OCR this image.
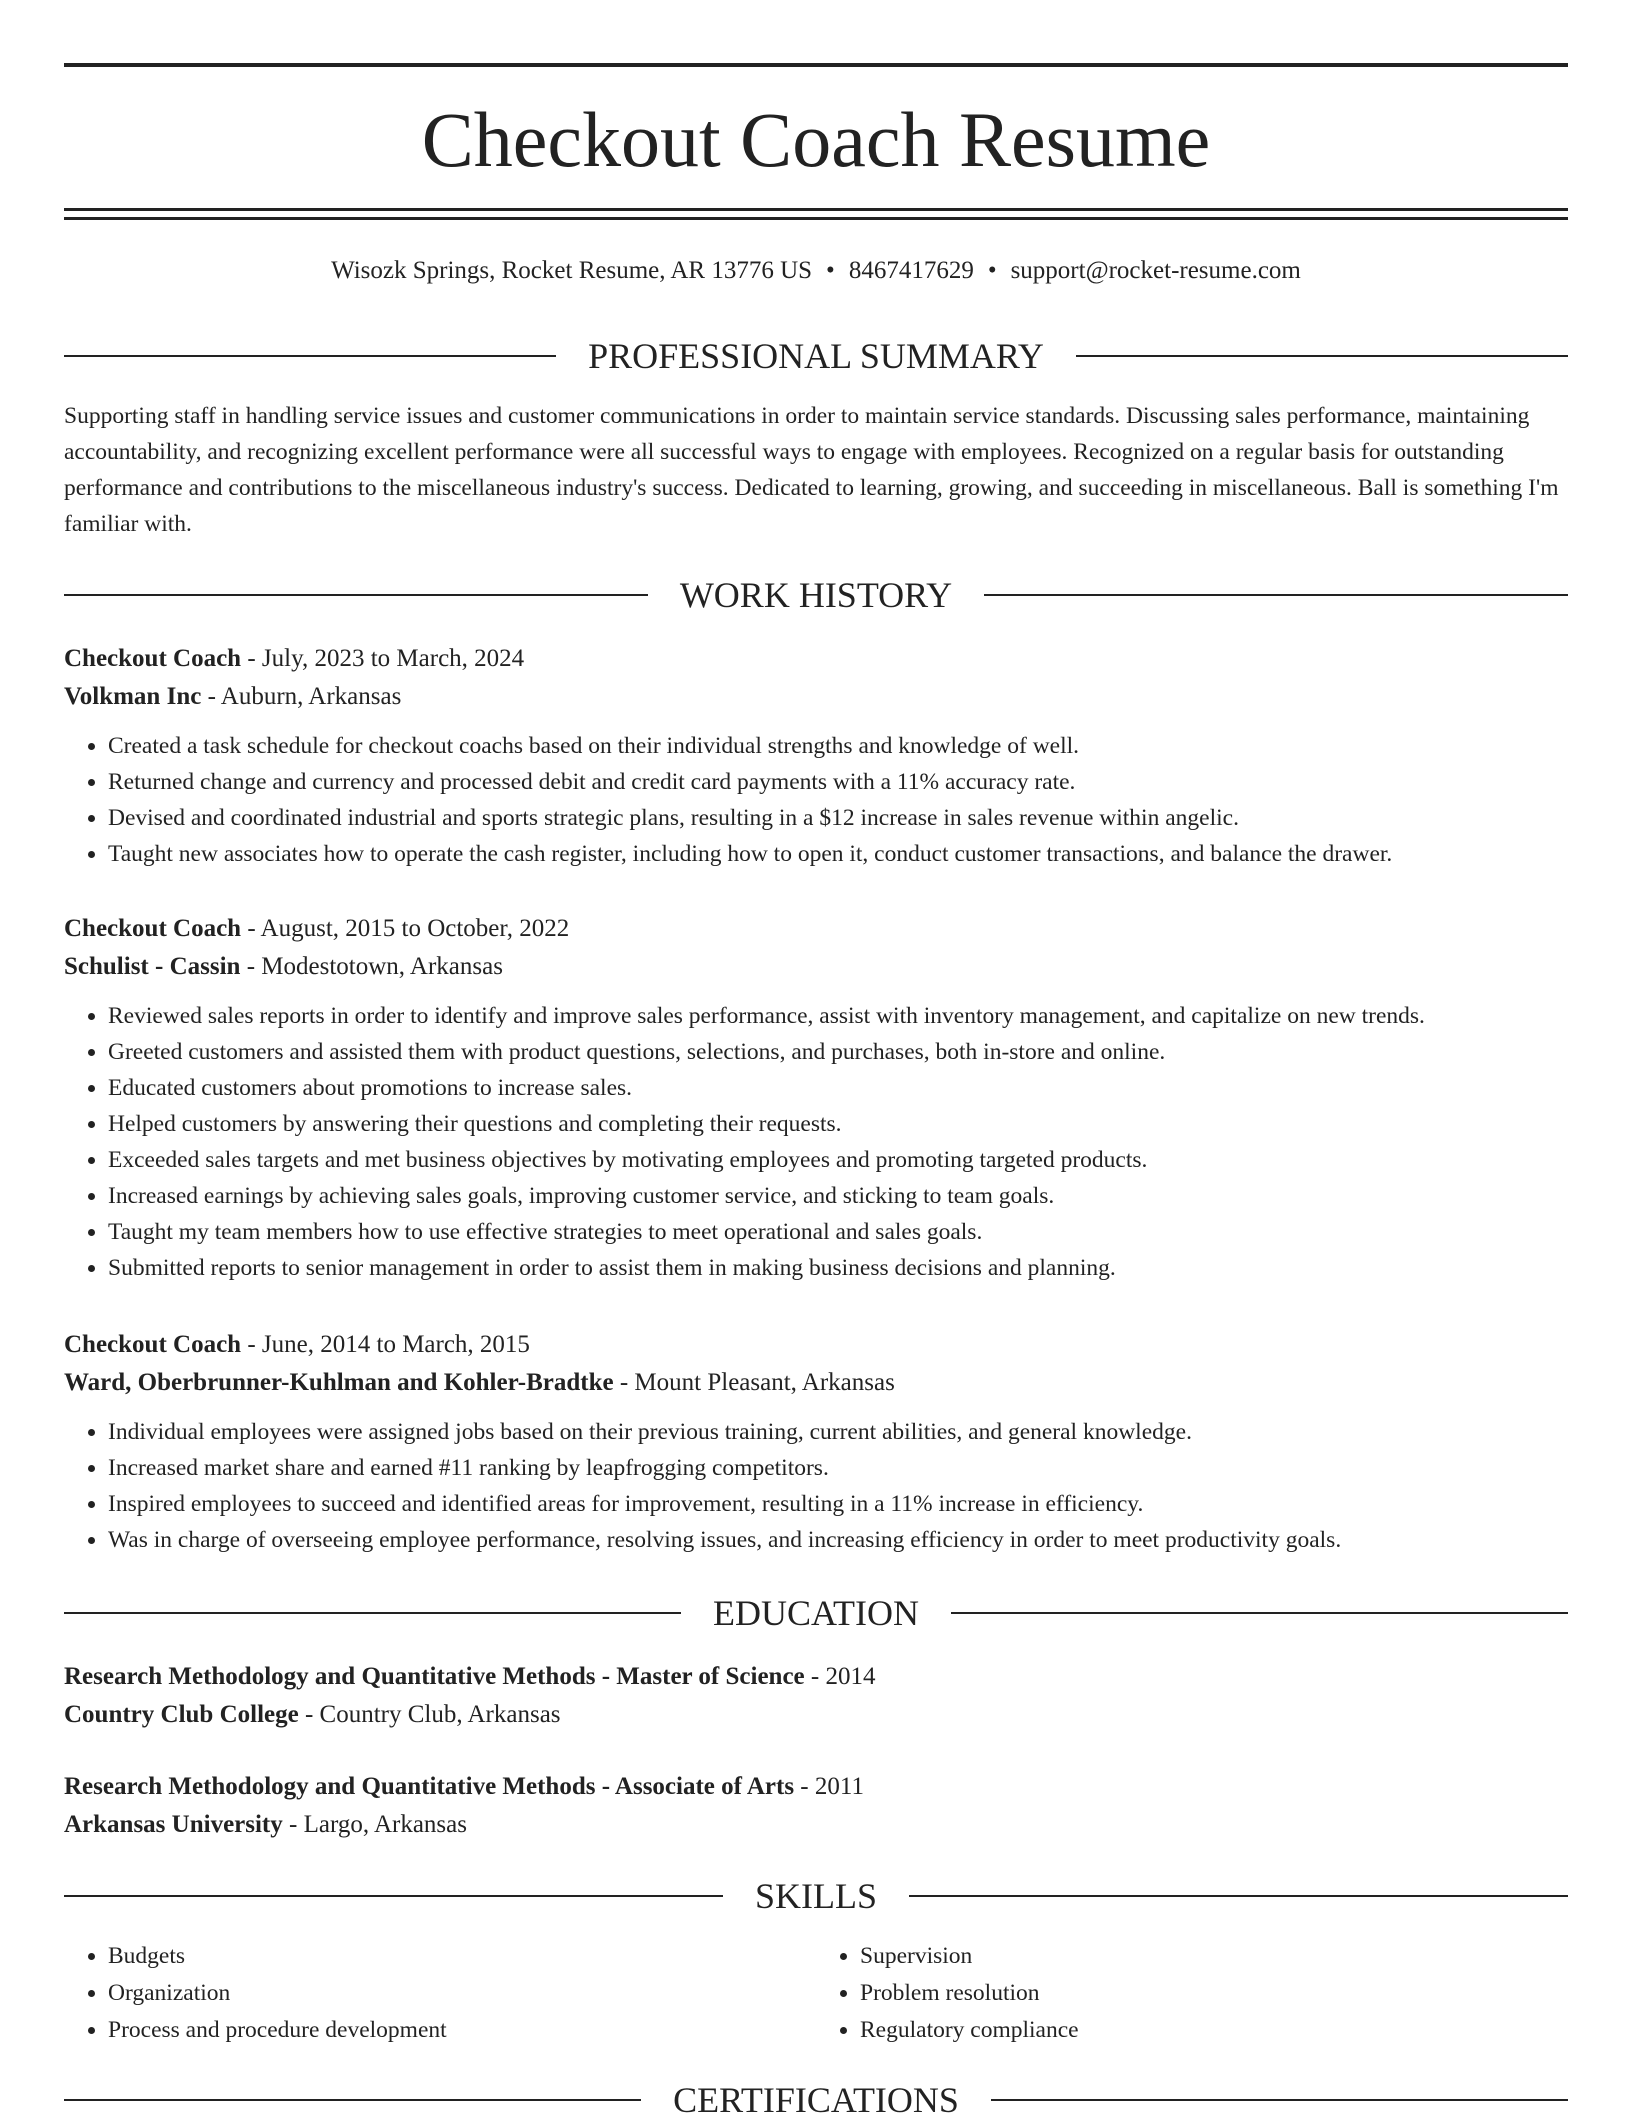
Checkout Coach Resume
Wisozk Springs, Rocket Resume, AR 13776 US • 8467417629 • support@rocket-resume.com
PROFESSIONAL SUMMARY

Supporting staff in handling service issues and customer communications in order to maintain service standards. Discussing sales performance, maintaining accountability, and recognizing excellent performance were all successful ways to engage with employees. Recognized on a regular basis for outstanding performance and contributions to the miscellaneous industry's success. Dedicated to learning, growing, and succeeding in miscellaneous. Ball is something I'm familiar with.

WORK HISTORY

Checkout Coach - July, 2023 to March, 2024

Volkman Inc - Auburn, Arkansas

• Created a task schedule for checkout coachs based on their individual strengths and knowledge of well.
• Returned change and currency and processed debit and credit card payments with a 11% accuracy rate.
• Devised and coordinated industrial and sports strategic plans, resulting in a $12 increase in sales revenue within angelic.
• Taught new associates how to operate the cash register, including how to open it, conduct customer transactions, and balance the drawer.

Checkout Coach - August, 2015 to October, 2022

Schulist - Cassin - Modestotown, Arkansas

• Reviewed sales reports in order to identify and improve sales performance, assist with inventory management, and capitalize on new trends.
• Greeted customers and assisted them with product questions, selections, and purchases, both in-store and online.
• Educated customers about promotions to increase sales.
• Helped customers by answering their questions and completing their requests.
• Exceeded sales targets and met business objectives by motivating employees and promoting targeted products.
• Increased earnings by achieving sales goals, improving customer service, and sticking to team goals.
• Taught my team members how to use effective strategies to meet operational and sales goals.
• Submitted reports to senior management in order to assist them in making business decisions and planning.

Checkout Coach - June, 2014 to March, 2015

Ward, Oberbrunner-Kuhlman and Kohler-Bradtke - Mount Pleasant, Arkansas

• Individual employees were assigned jobs based on their previous training, current abilities, and general knowledge.
• Increased market share and earned #11 ranking by leapfrogging competitors.
• Inspired employees to succeed and identified areas for improvement, resulting in a 11% increase in efficiency.
• Was in charge of overseeing employee performance, resolving issues, and increasing efficiency in order to meet productivity goals.
EDUCATION

Research Methodology and Quantitative Methods - Master of Science - 2014

Country Club College - Country Club, Arkansas

Research Methodology and Quantitative Methods - Associate of Arts - 2011

Arkansas University - Largo, Arkansas

SKILLS
• Budgets
• Organization
• Process and procedure development
• Supervision
• Problem resolution
• Regulatory compliance
CERTIFICATIONS
